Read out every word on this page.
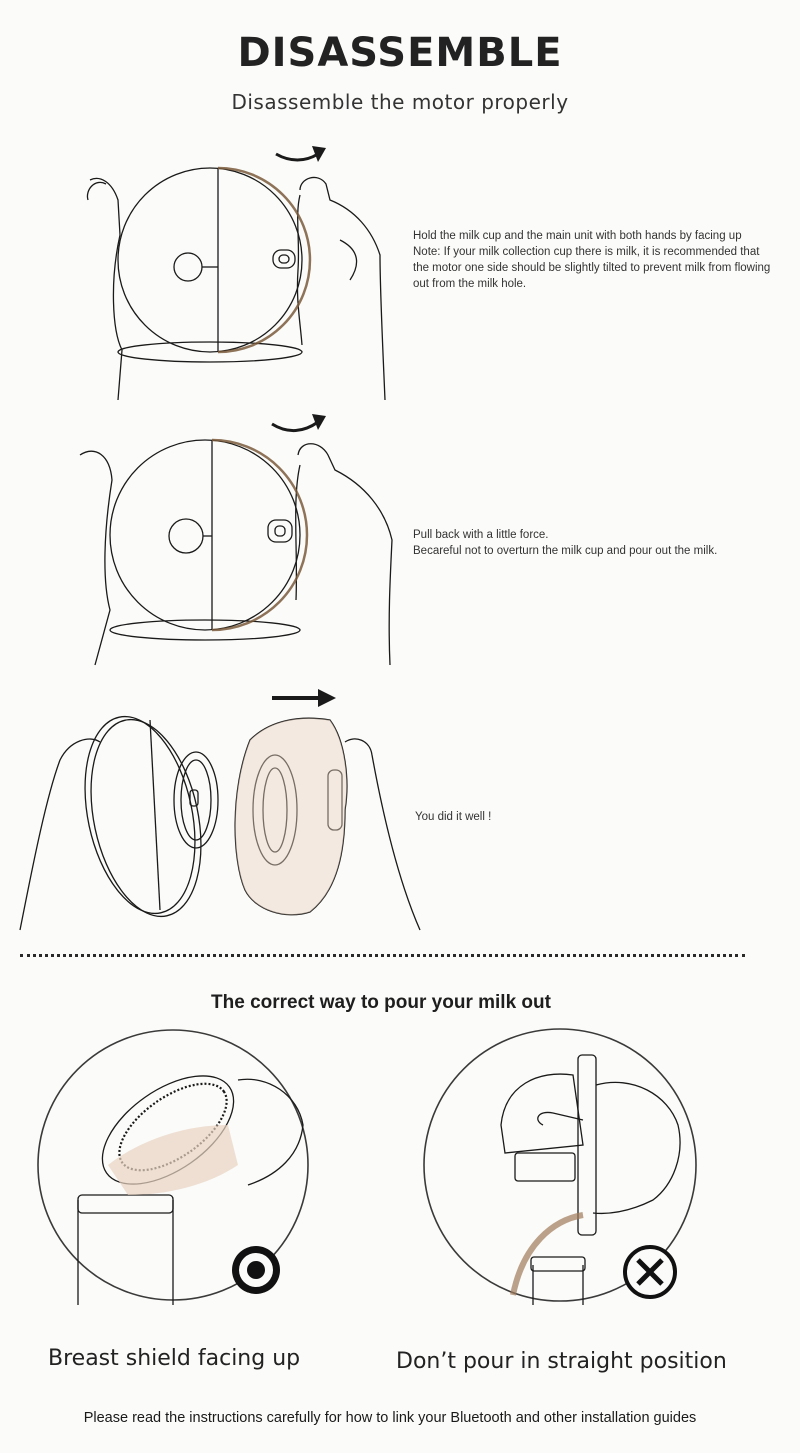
DISASSEMBLE
Disassemble the motor properly
Hold the milk cup and the main unit with both hands by facing up
Note: If your milk collection cup there is milk, it is recommended that the motor one side should be slightly tilted to prevent milk from flowing out from the milk hole.
Pull back with a little force.
Becareful not to overturn the milk cup and pour out the milk.
You did it well !
The correct way to pour your milk out
Breast shield facing up	Don’t pour in straight position
Please read the instructions carefully for how to link your Bluetooth and other installation guides
